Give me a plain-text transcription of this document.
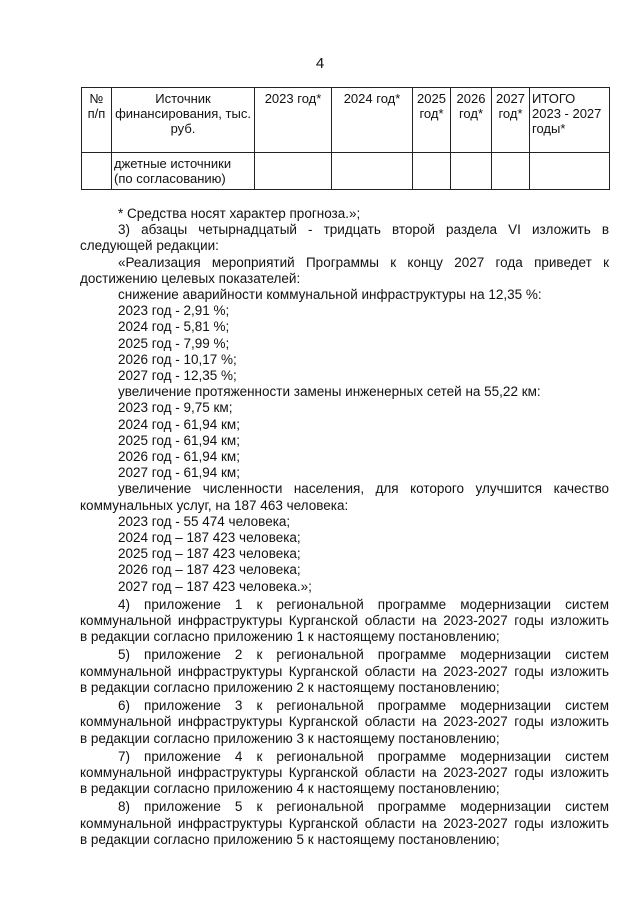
4
№ п/п	Источник финансирования, тыс. руб.	2023 год*	2024 год*	2025 год*	2026 год*	2027 год*	ИТОГО 2023 - 2027 годы*
	джетные источники (по согласованию)						

* Средства носят характер прогноза.»;

3) абзацы четырнадцатый - тридцать второй раздела VI изложить в

следующей редакции:

«Реализация мероприятий Программы к концу 2027 года приведет к

достижению целевых показателей:

снижение аварийности коммунальной инфраструктуры на 12,35 %:

2023 год - 2,91 %;

2024 год - 5,81 %;

2025 год - 7,99 %;

2026 год - 10,17 %;

2027 год - 12,35 %;

увеличение протяженности замены инженерных сетей на 55,22 км:

2023 год - 9,75 км;

2024 год - 61,94 км;

2025 год - 61,94 км;

2026 год - 61,94 км;

2027 год - 61,94 км;

увеличение численности населения, для которого улучшится качество

коммунальных услуг, на 187 463 человека:

2023 год - 55 474 человека;

2024 год – 187 423 человека;

2025 год – 187 423 человека;

2026 год – 187 423 человека;

2027 год – 187 423 человека.»;

4) приложение 1 к региональной программе модернизации систем

коммунальной инфраструктуры Курганской области на 2023-2027 годы изложить

в редакции согласно приложению 1 к настоящему постановлению;

5) приложение 2 к региональной программе модернизации систем

коммунальной инфраструктуры Курганской области на 2023-2027 годы изложить

в редакции согласно приложению 2 к настоящему постановлению;

6) приложение 3 к региональной программе модернизации систем

коммунальной инфраструктуры Курганской области на 2023-2027 годы изложить

в редакции согласно приложению 3 к настоящему постановлению;

7) приложение 4 к региональной программе модернизации систем

коммунальной инфраструктуры Курганской области на 2023-2027 годы изложить

в редакции согласно приложению 4 к настоящему постановлению;

8) приложение 5 к региональной программе модернизации систем

коммунальной инфраструктуры Курганской области на 2023-2027 годы изложить

в редакции согласно приложению 5 к настоящему постановлению;
